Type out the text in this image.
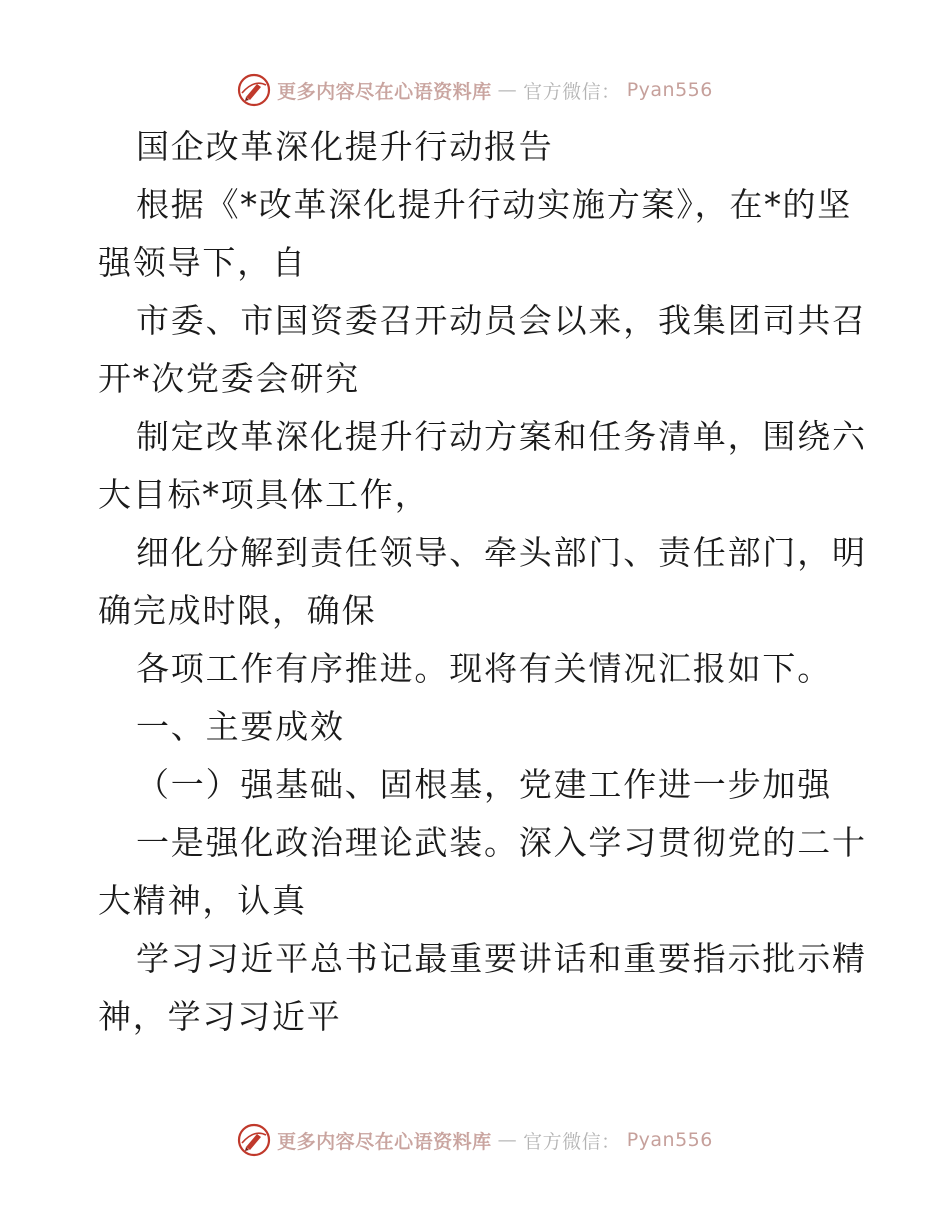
更多内容尽在心语资料库 — 官方微信： Pyan556
国企改革深化提升行动报告
根据《*改革深化提升行动实施方案》，在*的坚
强领导下，自
市委、市国资委召开动员会以来，我集团司共召
开*次党委会研究
制定改革深化提升行动方案和任务清单，围绕六
大目标*项具体工作，
细化分解到责任领导、牵头部门、责任部门，明
确完成时限，确保
各项工作有序推进。现将有关情况汇报如下。
一、主要成效
（一）强基础、固根基，党建工作进一步加强
一是强化政治理论武装。深入学习贯彻党的二十
大精神，认真
学习习近平总书记最重要讲话和重要指示批示精
神，学习习近平
更多内容尽在心语资料库 — 官方微信： Pyan556
